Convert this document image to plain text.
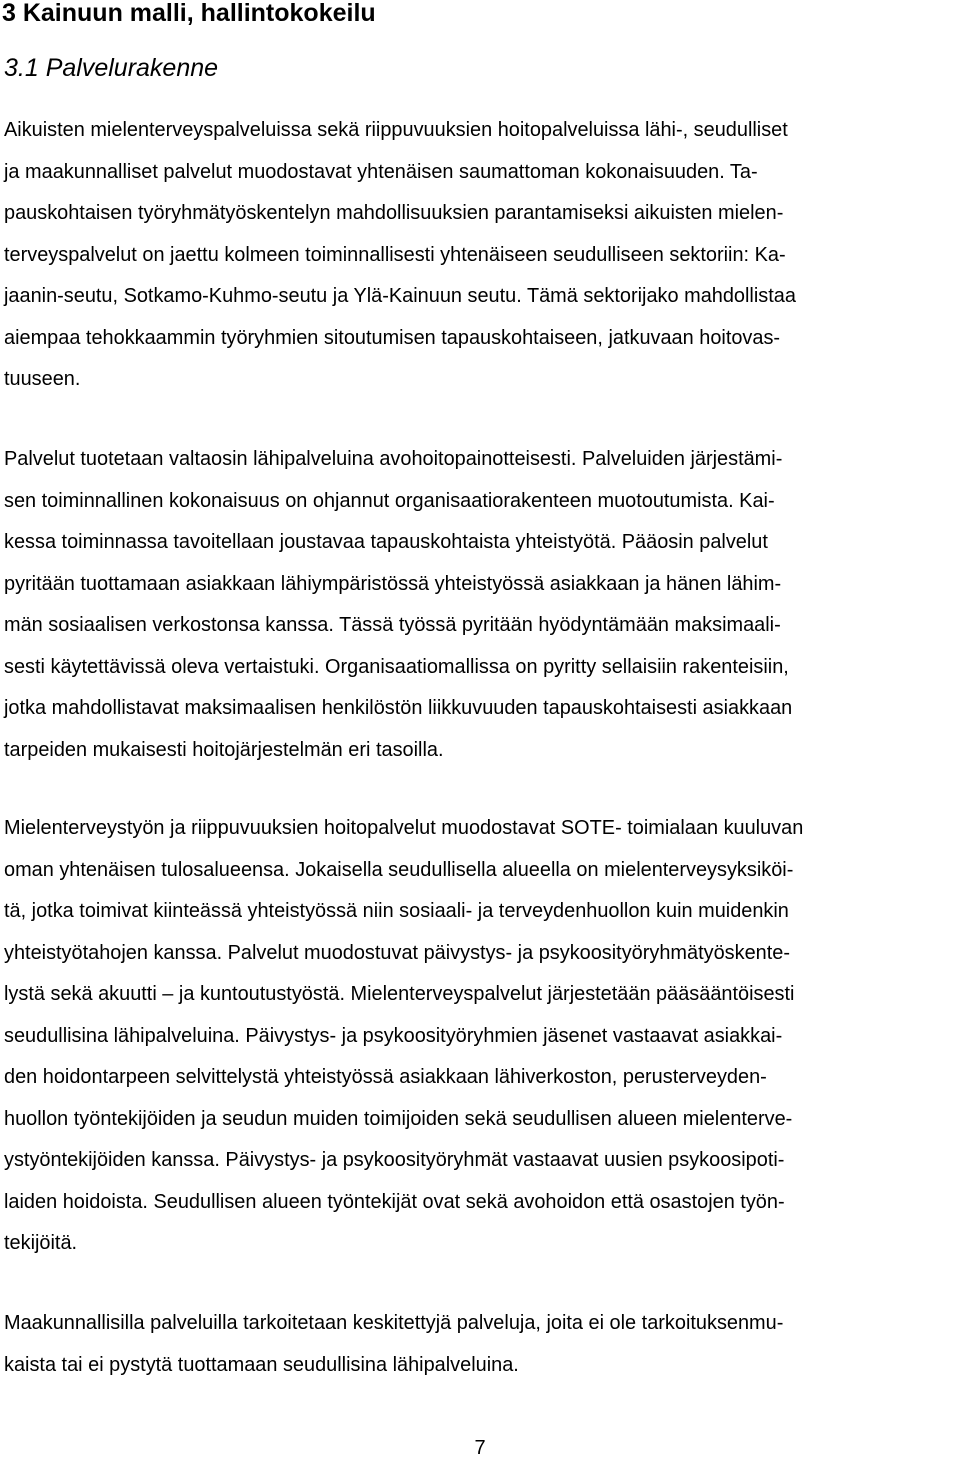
3 Kainuun malli, hallintokokeilu
3.1 Palvelurakenne

Aikuisten mielenterveyspalveluissa sekä riippuvuuksien hoitopalveluissa lähi-, seudulliset
ja maakunnalliset palvelut muodostavat yhtenäisen saumattoman kokonaisuuden. Ta-
pauskohtaisen työryhmätyöskentelyn mahdollisuuksien parantamiseksi aikuisten mielen-
terveyspalvelut on jaettu kolmeen toiminnallisesti yhtenäiseen seudulliseen sektoriin: Ka-
jaanin-seutu, Sotkamo-Kuhmo-seutu ja Ylä-Kainuun seutu. Tämä sektorijako mahdollistaa
aiempaa tehokkaammin työryhmien sitoutumisen tapauskohtaiseen, jatkuvaan hoitovas-
tuuseen.

Palvelut tuotetaan valtaosin lähipalveluina avohoitopainotteisesti. Palveluiden järjestämi-
sen toiminnallinen kokonaisuus on ohjannut organisaatiorakenteen muotoutumista. Kai-
kessa toiminnassa tavoitellaan joustavaa tapauskohtaista yhteistyötä. Pääosin palvelut
pyritään tuottamaan asiakkaan lähiympäristössä yhteistyössä asiakkaan ja hänen lähim-
män sosiaalisen verkostonsa kanssa. Tässä työssä pyritään hyödyntämään maksimaali-
sesti käytettävissä oleva vertaistuki. Organisaatiomallissa on pyritty sellaisiin rakenteisiin,
jotka mahdollistavat maksimaalisen henkilöstön liikkuvuuden tapauskohtaisesti asiakkaan
tarpeiden mukaisesti hoitojärjestelmän eri tasoilla.

Mielenterveystyön ja riippuvuuksien hoitopalvelut muodostavat SOTE- toimialaan kuuluvan
oman yhtenäisen tulosalueensa. Jokaisella seudullisella alueella on mielenterveysyksiköi-
tä, jotka toimivat kiinteässä yhteistyössä niin sosiaali- ja terveydenhuollon kuin muidenkin
yhteistyötahojen kanssa. Palvelut muodostuvat päivystys- ja psykoosityöryhmätyöskente-
lystä sekä akuutti – ja kuntoutustyöstä. Mielenterveyspalvelut järjestetään pääsääntöisesti
seudullisina lähipalveluina. Päivystys- ja psykoosityöryhmien jäsenet vastaavat asiakkai-
den hoidontarpeen selvittelystä yhteistyössä asiakkaan lähiverkoston, perusterveyden-
huollon työntekijöiden ja seudun muiden toimijoiden sekä seudullisen alueen mielenterve-
ystyöntekijöiden kanssa. Päivystys- ja psykoosityöryhmät vastaavat uusien psykoosipoti-
laiden hoidoista. Seudullisen alueen työntekijät ovat sekä avohoidon että osastojen työn-
tekijöitä.

Maakunnallisilla palveluilla tarkoitetaan keskitettyjä palveluja, joita ei ole tarkoituksenmu-
kaista tai ei pystytä tuottamaan seudullisina lähipalveluina.

7
